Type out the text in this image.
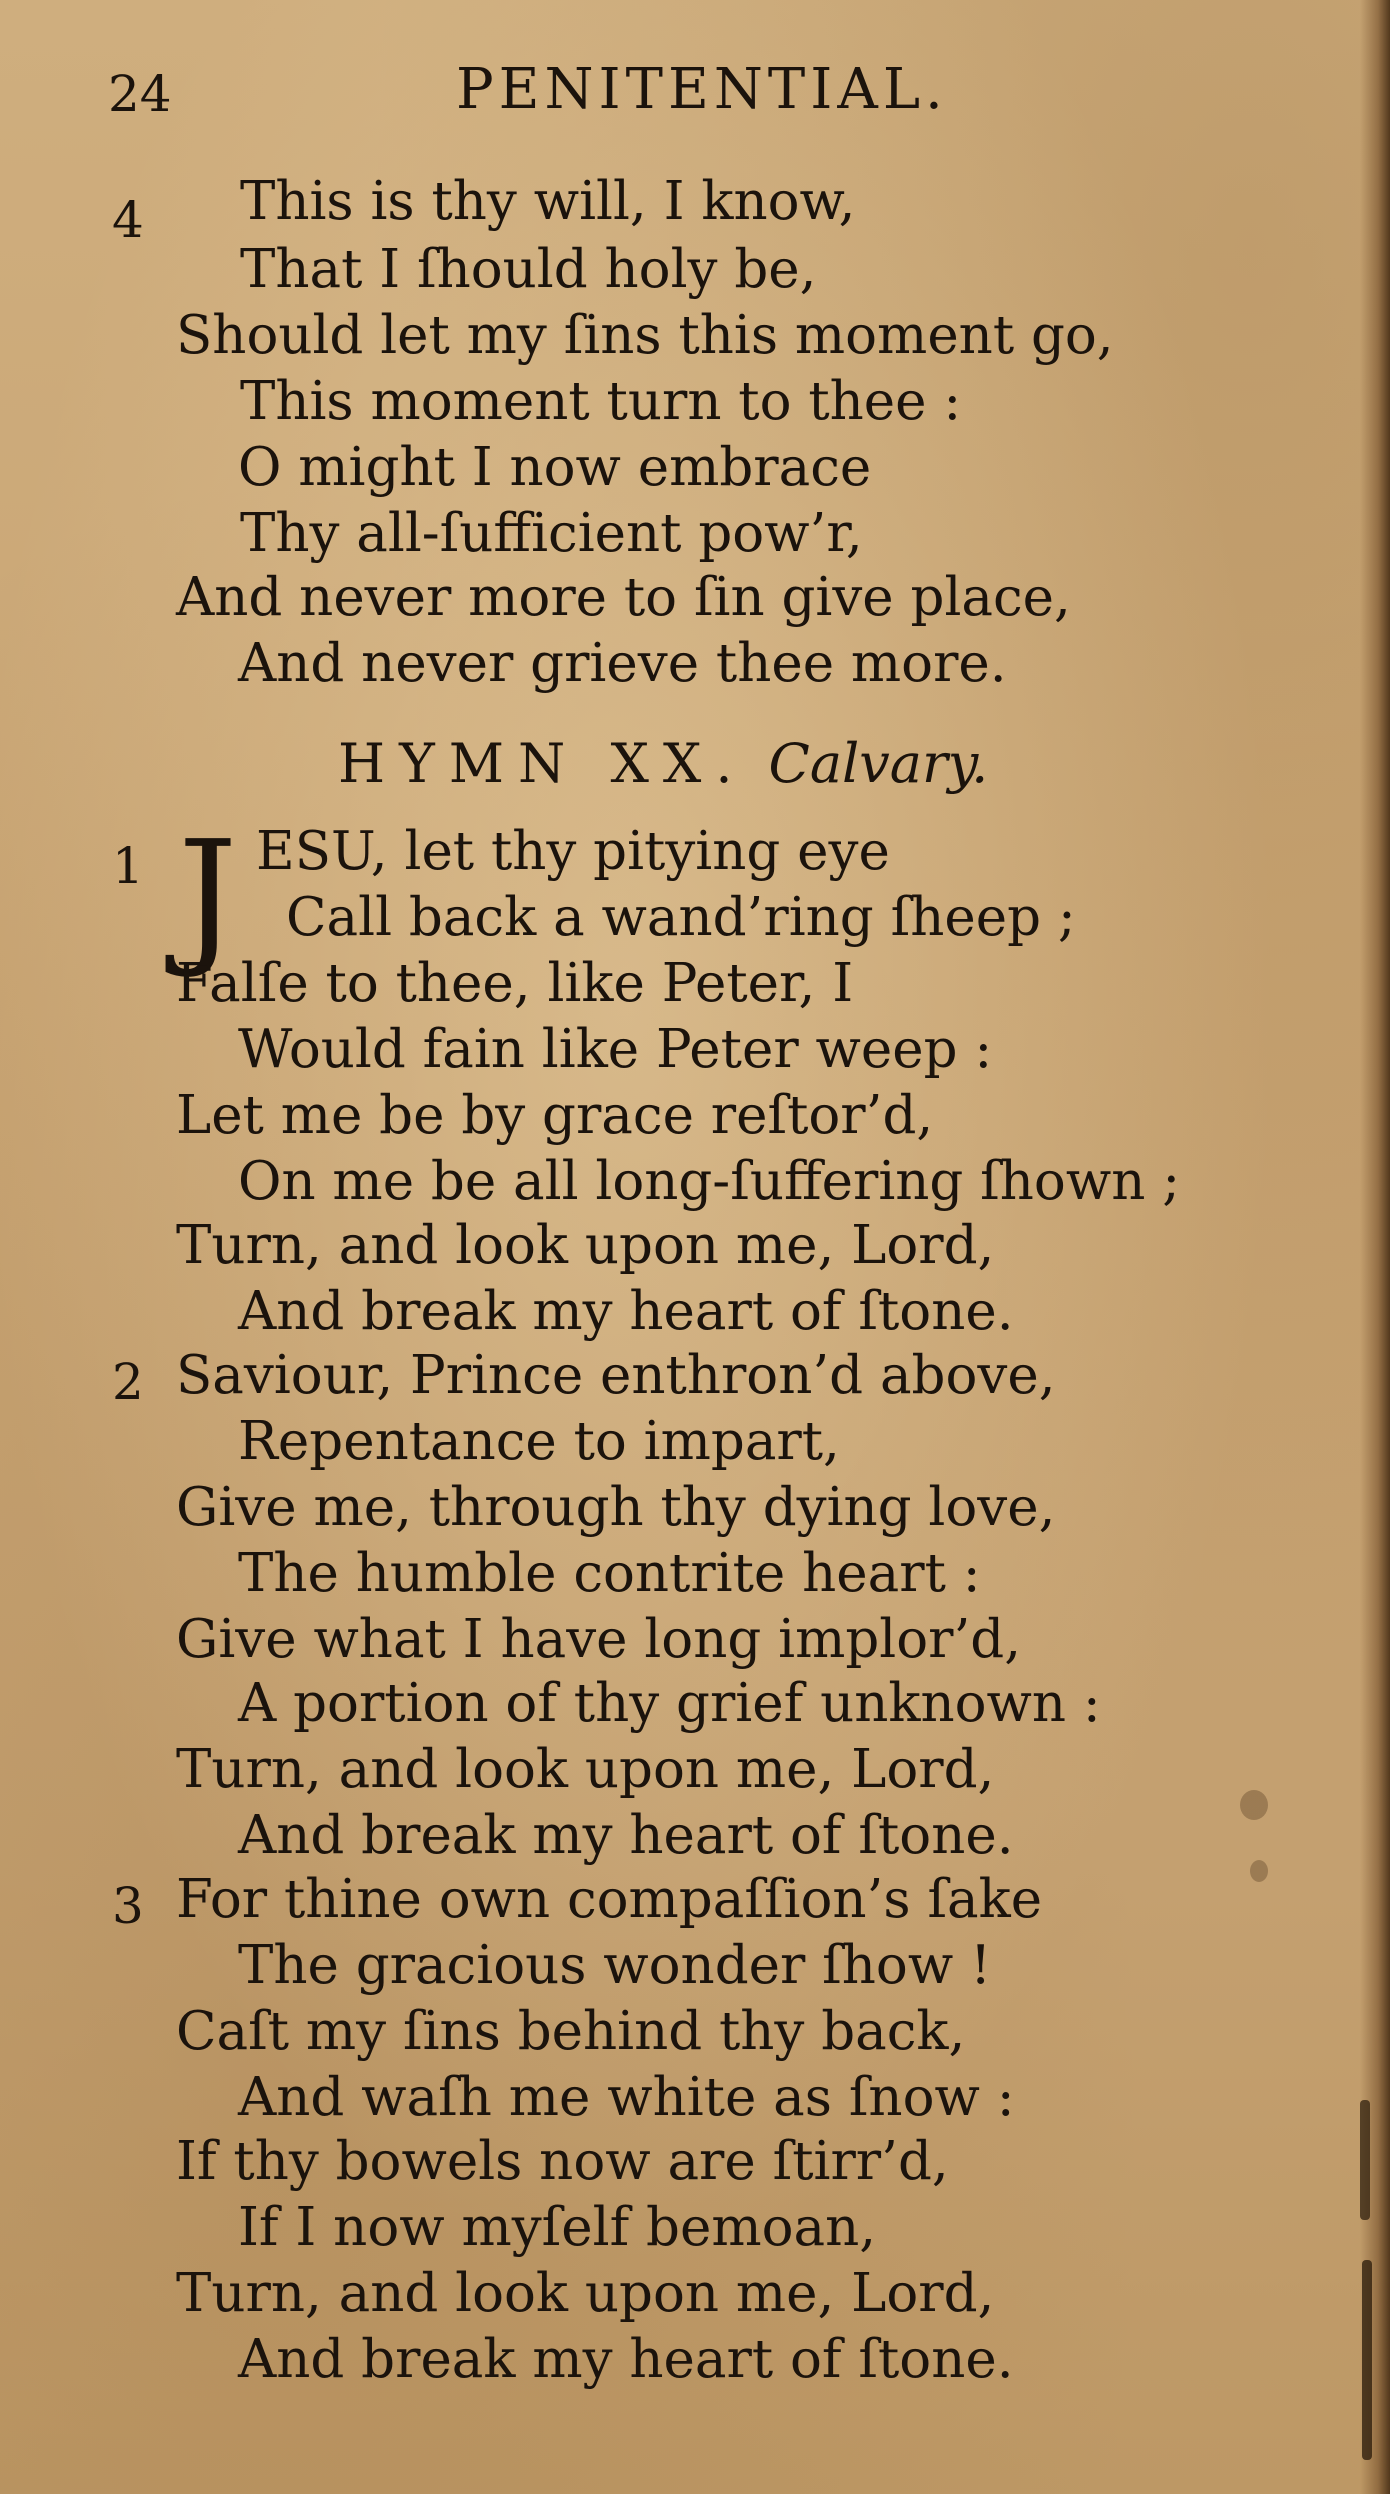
24	PENITENTIAL.
4 This is thy will, I know,
That I ſhould holy be,
Should let my ſins this moment go,
This moment turn to thee :
O might I now embrace
Thy all-ſufficient pow’r,
And never more to ſin give place,
And never grieve thee more.
HYMN XX. Calvary.
1 J ESU, let thy pitying eye
Call back a wand’ring ſheep ;
Falſe to thee, like Peter, I
Would fain like Peter weep :
Let me be by grace reſtor’d,
On me be all long-ſuffering ſhown ;
Turn, and look upon me, Lord,
And break my heart of ſtone.
2 Saviour, Prince enthron’d above,
Repentance to impart,
Give me, through thy dying love,
The humble contrite heart :
Give what I have long implor’d,
A portion of thy grief unknown :
Turn, and look upon me, Lord,
And break my heart of ſtone.
3 For thine own compaſſion’s ſake
The gracious wonder ſhow !
Caſt my ſins behind thy back,
And waſh me white as ſnow :
If thy bowels now are ſtirr’d,
If I now myſelf bemoan,
Turn, and look upon me, Lord,
And break my heart of ſtone.
